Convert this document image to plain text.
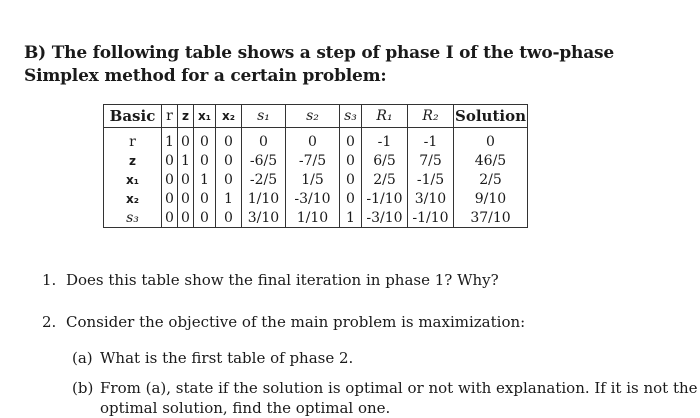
B) The following table shows a step of phase I of the two-phase Simplex method for a certain problem:

Basic	r	z	x₁	x₂	s₁	s₂	s₃	R₁	R₂	Solution

r	1	0	0	0	0	0	0	-1	-1	0
z	0	1	0	0	-6/5	-7/5	0	6/5	7/5	46/5
x₁	0	0	1	0	-2/5	1/5	0	2/5	-1/5	2/5
x₂	0	0	0	1	1/10	-3/10	0	-1/10	3/10	9/10
s₃	0	0	0	0	3/10	1/10	1	-3/10	-1/10	37/10
1. Does this table show the final iteration in phase 1? Why?
2. Consider the objective of the main problem is maximization:
(a) What is the first table of phase 2.
(b) From (a), state if the solution is optimal or not with explanation. If it is not the optimal solution, find the optimal one.
